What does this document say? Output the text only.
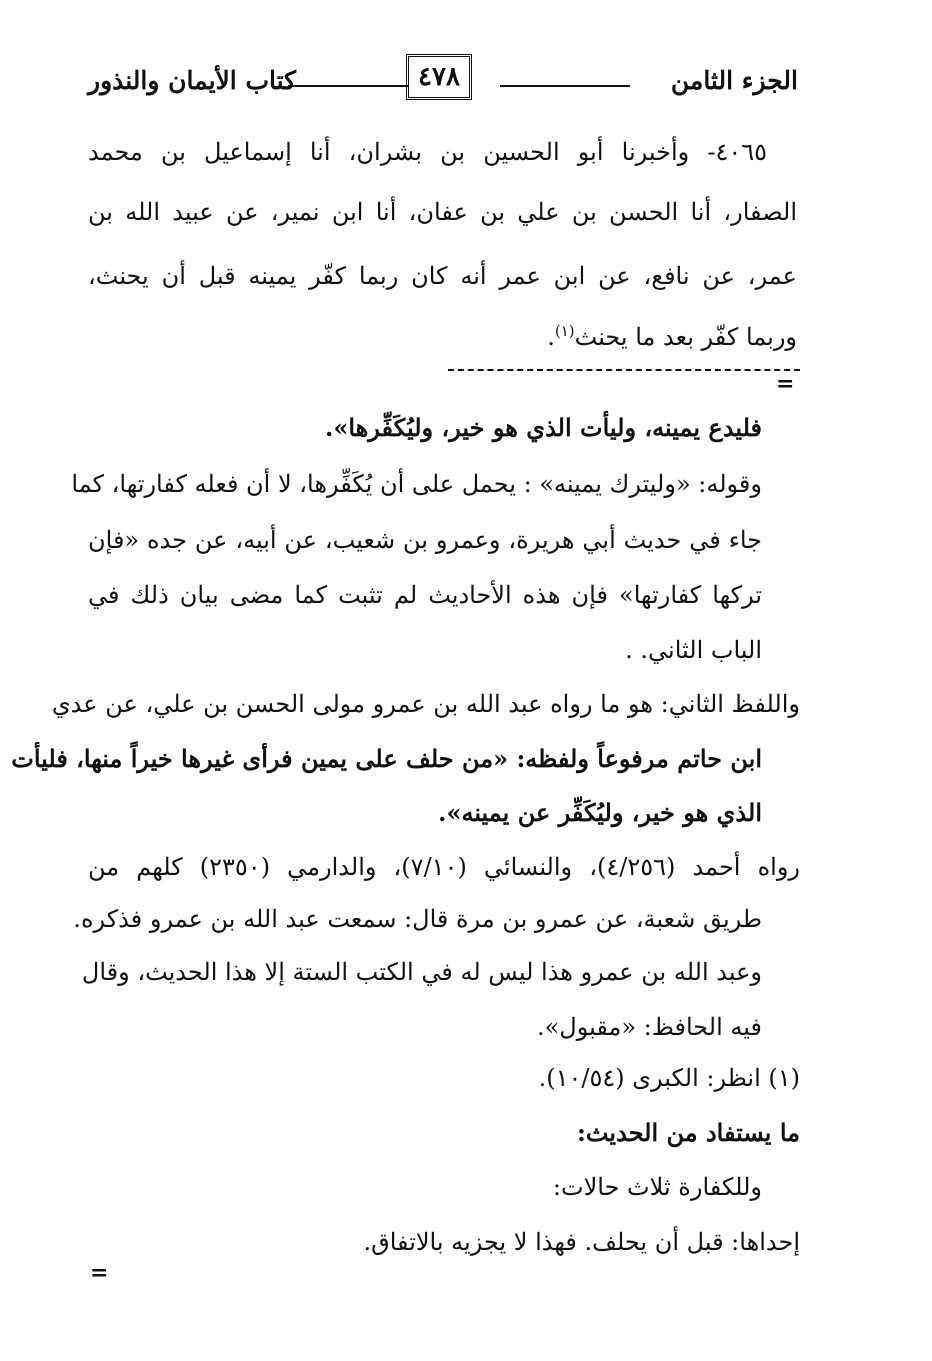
الجزء الثامن
٤٧٨
كتاب الأيمان والنذور
٤٠٦٥- وأخبرنا أبو الحسين بن بشران، أنا إسماعيل بن محمد
الصفار، أنا الحسن بن علي بن عفان، أنا ابن نمير، عن عبيد الله بن
عمر، عن نافع، عن ابن عمر أنه كان ربما كفّر يمينه قبل أن يحنث،
وربما كفّر بعد ما يحنث$^{(١)}$.
=
فليدع يمينه، وليأت الذي هو خير، وليُكَفِّرها».
وقوله: «وليترك يمينه» : يحمل على أن يُكَفِّرها، لا أن فعله كفارتها، كما
جاء في حديث أبي هريرة، وعمرو بن شعيب، عن أبيه، عن جده «فإن
تركها كفارتها» فإن هذه الأحاديث لم تثبت كما مضى بيان ذلك في
الباب الثاني. .
واللفظ الثاني: هو ما رواه عبد الله بن عمرو مولى الحسن بن علي، عن عدي
ابن حاتم مرفوعاً ولفظه: «من حلف على يمين فرأى غيرها خيراً منها، فليأت
الذي هو خير، وليُكَفِّر عن يمينه».
رواه أحمد (٤/٢٥٦)، والنسائي (٧/١٠)، والدارمي (٢٣٥٠) كلهم من
طريق شعبة، عن عمرو بن مرة قال: سمعت عبد الله بن عمرو فذكره.
وعبد الله بن عمرو هذا ليس له في الكتب الستة إلا هذا الحديث، وقال
فيه الحافظ: «مقبول».
(١) انظر: الكبرى (١٠/٥٤).
ما يستفاد من الحديث:
وللكفارة ثلاث حالات:
إحداها: قبل أن يحلف. فهذا لا يجزيه بالاتفاق.
=
